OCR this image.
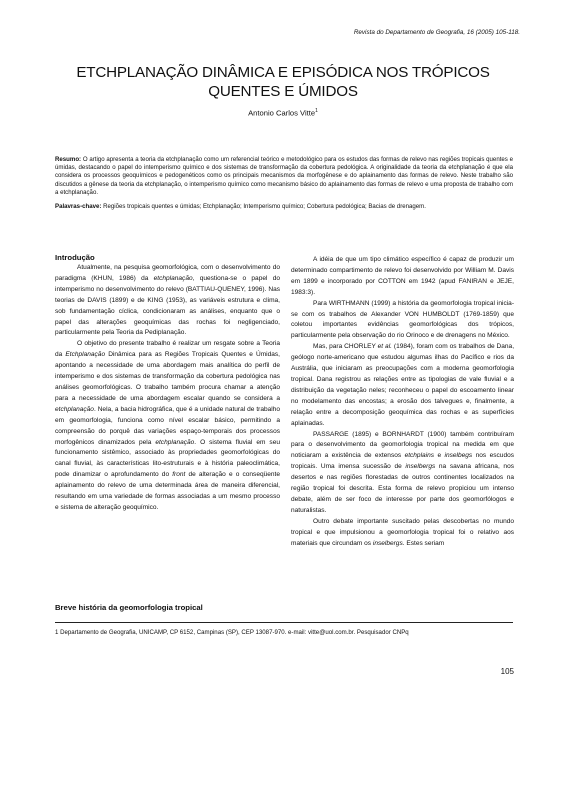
Revista do Departamento de Geografia, 16 (2005) 105-118.
ETCHPLANAÇÃO DINÂMICA E EPISÓDICA NOS TRÓPICOS
QUENTES E ÚMIDOS
Antonio Carlos Vitte$^1$
Resumo: O artigo apresenta a teoria da etchplanação como um referencial teórico e metodológico para os estudos das formas de relevo nas regiões tropicais quentes e úmidas, destacando o papel do intemperismo químico e dos sistemas de transformação da cobertura pedológica. A originalidade da teoria da etchplanação é que ela considera os processos geoquímicos e pedogenéticos como os principais mecanismos da morfogênese e do aplainamento das formas de relevo. Neste trabalho são discutidos a gênese da teoria da etchplanação, o intemperismo químico como mecanismo básico do aplainamento das formas de relevo e uma proposta de trabalho com a etchplanação.
Palavras-chave: Regiões tropicais quentes e úmidas; Etchplanação; Intemperismo químico; Cobertura pedológica; Bacias de drenagem.
Introdução

Atualmente, na pesquisa geomorfológica, com o desenvolvimento do paradigma (KHUN, 1986) da etchplanação, questiona-se o papel do intemperismo no desenvolvimento do relevo (BATTIAU-QUENEY, 1996). Nas teorias de DAVIS (1899) e de KING (1953), as variáveis estrutura e clima, sob fundamentação cíclica, condicionaram as análises, enquanto que o papel das alterações geoquímicas das rochas foi negligenciado, particularmente pela Teoria da Pediplanação.

O objetivo do presente trabalho é realizar um resgate sobre a Teoria da Etchplanação Dinâmica para as Regiões Tropicais Quentes e Úmidas, apontando a necessidade de uma abordagem mais analítica do perfil de intemperismo e dos sistemas de transformação da cobertura pedológica nas análises geomorfológicas. O trabalho também procura chamar a atenção para a necessidade de uma abordagem escalar quando se considera a etchplanação. Nela, a bacia hidrográfica, que é a unidade natural de trabalho em geomorfologia, funciona como nível escalar básico, permitindo a compreensão do porquê das variações espaço-temporais dos processos morfogênicos dinamizados pela etchplanação. O sistema fluvial em seu funcionamento sistêmico, associado às propriedades geomorfológicas do canal fluvial, às características lito-estruturais e à história paleoclimática, pode dinamizar o aprofundamento do front de alteração e o conseqüente aplainamento do relevo de uma determinada área de maneira diferencial, resultando em uma variedade de formas associadas a um mesmo processo e sistema de alteração geoquímico.

Breve história da geomorfologia tropical

A idéia de que um tipo climático específico é capaz de produzir um determinado compartimento de relevo foi desenvolvido por William M. Davis em 1899 e incorporado por COTTON em 1942 (apud FANIRAN e JEJE, 1983:3).

Para WIRTHMANN (1999) a história da geomorfologia tropical inicia-se com os trabalhos de Alexander VON HUMBOLDT (1769-1859) que coletou importantes evidências geomorfológicas dos trópicos, particularmente pela observação do rio Orinoco e de drenagens no México.

Mas, para CHORLEY et al. (1984), foram com os trabalhos de Dana, geólogo norte-americano que estudou algumas ilhas do Pacífico e rios da Austrália, que iniciaram as preocupações com a moderna geomorfologia tropical. Dana registrou as relações entre as tipologias de vale fluvial e a distribuição da vegetação neles; reconheceu o papel do escoamento linear no modelamento das encostas; a erosão dos talvegues e, finalmente, a relação entre a decomposição geoquímica das rochas e as superfícies aplainadas.

PASSARGE (1895) e BORNHARDT (1900) também contribuíram para o desenvolvimento da geomorfologia tropical na medida em que noticiaram a existência de extensos etchplains e inselbegs nos escudos tropicais. Uma imensa sucessão de inselbergs na savana africana, nos desertos e nas regiões florestadas de outros continentes localizados na região tropical foi descrita. Esta forma de relevo propiciou um intenso debate, além de ser foco de interesse por parte dos geomorfólogos e naturalistas.

Outro debate importante suscitado pelas descobertas no mundo tropical e que impulsionou a geomorfologia tropical foi o relativo aos materiais que circundam os inselbergs. Estes seriam

1 Departamento de Geografia, UNICAMP, CP 6152, Campinas (SP), CEP 13087-970. e-mail: vitte@uol.com.br. Pesquisador CNPq
105
